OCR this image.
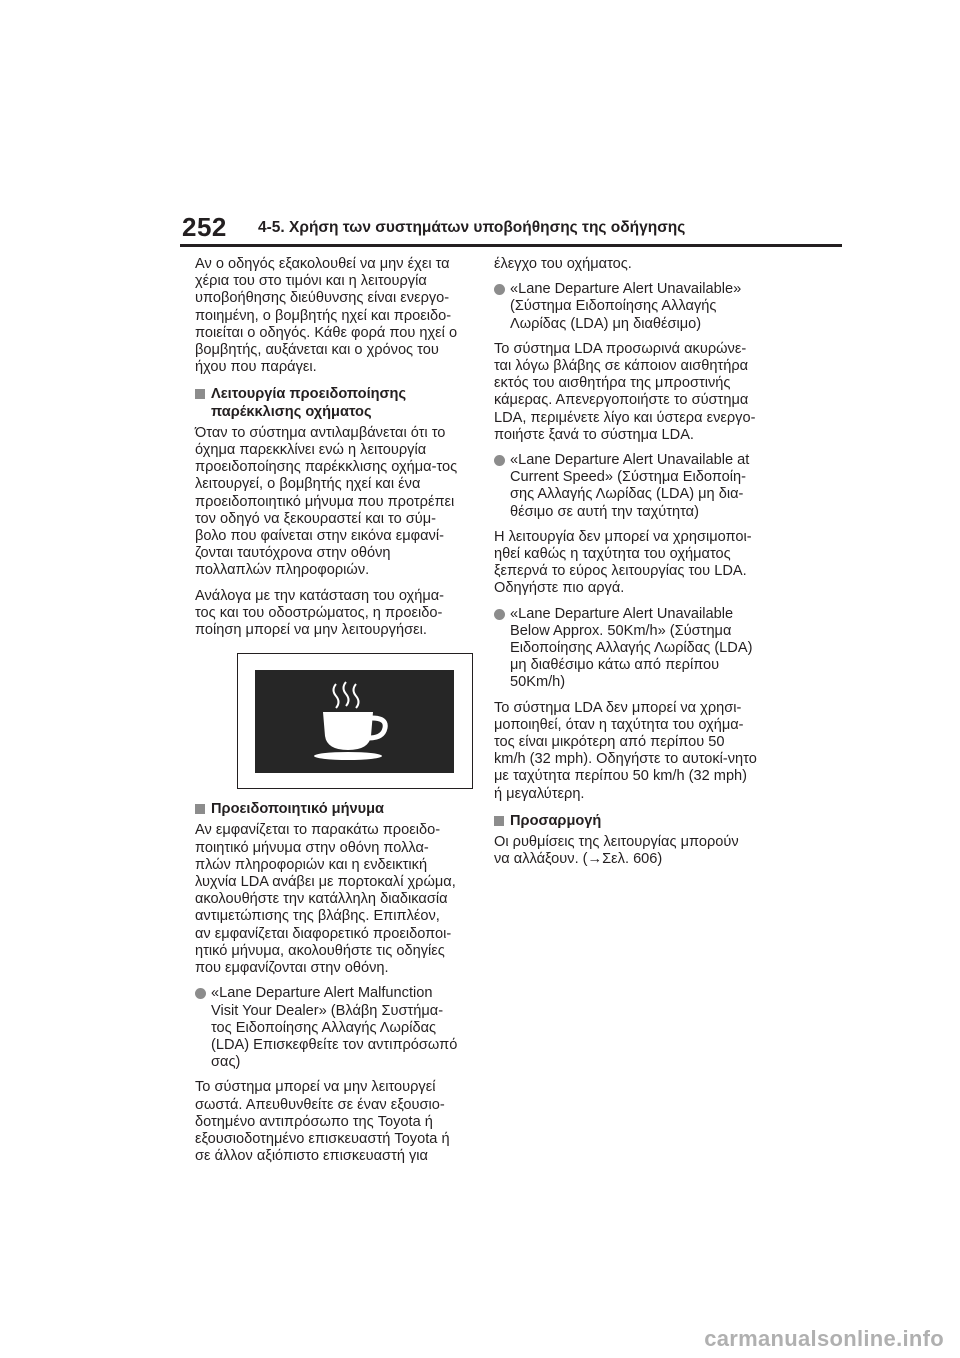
252 4-5. Χρήση των συστημάτων υποβοήθησης της οδήγησης

Αν ο οδηγός εξακολουθεί να μην έχει τα χέρια του στο τιμόνι και η λειτουργία υποβοήθησης διεύθυνσης είναι ενεργο-ποιημένη, ο βομβητής ηχεί και προειδο-ποιείται ο οδηγός. Κάθε φορά που ηχεί ο βομβητής, αυξάνεται και ο χρόνος του ήχου που παράγει.

Λειτουργία προειδοποίησης παρέκκλισης οχήματος

Όταν το σύστημα αντιλαμβάνεται ότι το όχημα παρεκκλίνει ενώ η λειτουργία προειδοποίησης παρέκκλισης οχήμα-τος λειτουργεί, ο βομβητής ηχεί και ένα προειδοποιητικό μήνυμα που προτρέπει τον οδηγό να ξεκουραστεί και το σύμ-βολο που φαίνεται στην εικόνα εμφανί-ζονται ταυτόχρονα στην οθόνη πολλαπλών πληροφοριών.

Ανάλογα με την κατάσταση του οχήμα-τος και του οδοστρώματος, η προειδο-ποίηση μπορεί να μην λειτουργήσει.

Προειδοποιητικό μήνυμα

Αν εμφανίζεται το παρακάτω προειδο-ποιητικό μήνυμα στην οθόνη πολλα-πλών πληροφοριών και η ενδεικτική λυχνία LDA ανάβει με πορτοκαλί χρώμα, ακολουθήστε την κατάλληλη διαδικασία αντιμετώπισης της βλάβης. Επιπλέον, αν εμφανίζεται διαφορετικό προειδοποι-ητικό μήνυμα, ακολουθήστε τις οδηγίες που εμφανίζονται στην οθόνη.

«Lane Departure Alert Malfunction Visit Your Dealer» (Βλάβη Συστήμα-τος Ειδοποίησης Αλλαγής Λωρίδας (LDA) Επισκεφθείτε τον αντιπρόσωπό σας)

Το σύστημα μπορεί να μην λειτουργεί σωστά. Απευθυνθείτε σε έναν εξουσιο-δοτημένο αντιπρόσωπο της Toyota ή εξουσιοδοτημένο επισκευαστή Toyota ή σε άλλον αξιόπιστο επισκευαστή για

έλεγχο του οχήματος.

«Lane Departure Alert Unavailable» (Σύστημα Ειδοποίησης Αλλαγής Λωρίδας (LDA) μη διαθέσιμο)

Το σύστημα LDA προσωρινά ακυρώνε-ται λόγω βλάβης σε κάποιον αισθητήρα εκτός του αισθητήρα της μπροστινής κάμερας. Απενεργοποιήστε το σύστημα LDA, περιμένετε λίγο και ύστερα ενεργο-ποιήστε ξανά το σύστημα LDA.

«Lane Departure Alert Unavailable at Current Speed» (Σύστημα Ειδοποίη-σης Αλλαγής Λωρίδας (LDA) μη δια-θέσιμο σε αυτή την ταχύτητα)

Η λειτουργία δεν μπορεί να χρησιμοποι-ηθεί καθώς η ταχύτητα του οχήματος ξεπερνά το εύρος λειτουργίας του LDA. Οδηγήστε πιο αργά.

«Lane Departure Alert Unavailable Below Approx. 50Km/h» (Σύστημα Ειδοποίησης Αλλαγής Λωρίδας (LDA) μη διαθέσιμο κάτω από περίπου 50Km/h)

Το σύστημα LDA δεν μπορεί να χρησι-μοποιηθεί, όταν η ταχύτητα του οχήμα-τος είναι μικρότερη από περίπου 50 km/h (32 mph). Οδηγήστε το αυτοκί-νητο με ταχύτητα περίπου 50 km/h (32 mph) ή μεγαλύτερη.

Προσαρμογή

Οι ρυθμίσεις της λειτουργίας μπορούν να αλλάξουν. (→Σελ. 606)

carmanualsonline.info
